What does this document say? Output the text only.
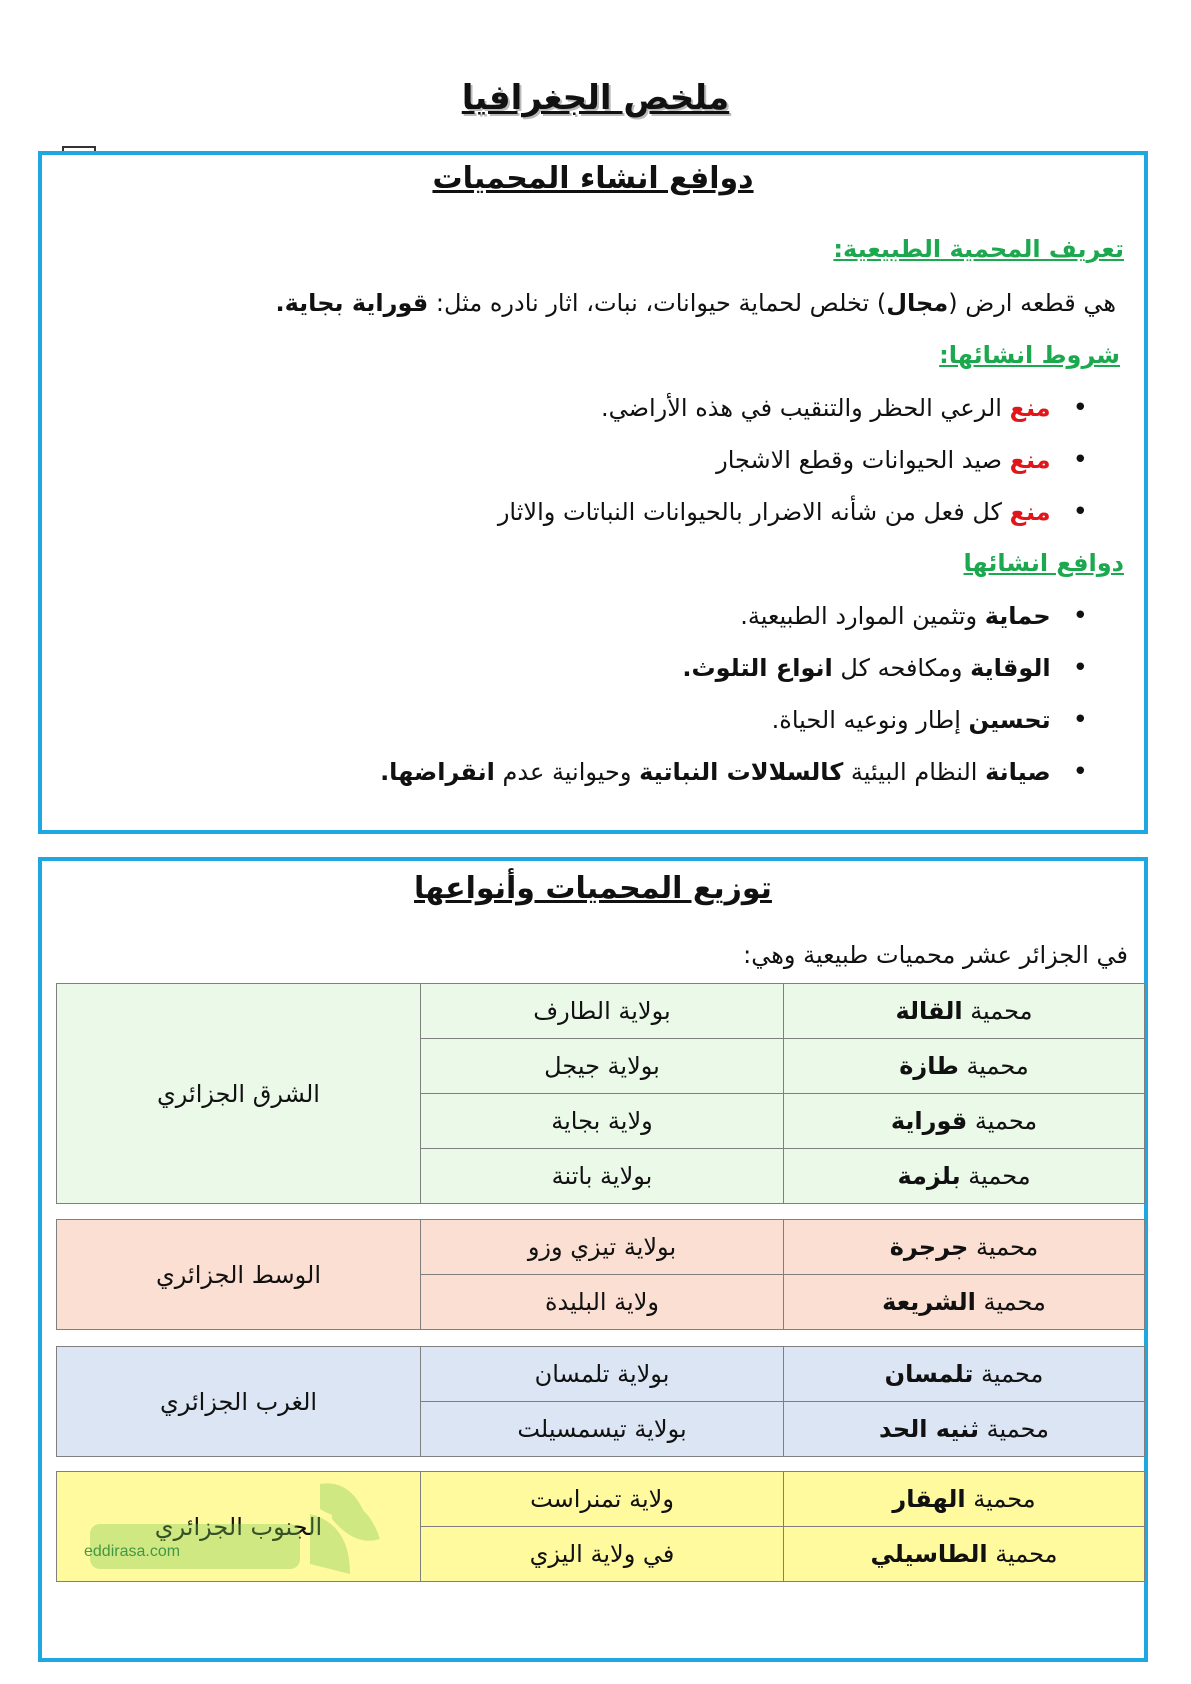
ملخص الجغرافيا
دوافع انشاء المحميات
تعريف المحمية الطبيعية:
هي قطعه ارض (مجال) تخلص لحماية حيوانات، نبات، اثار نادره مثل: قوراية بجاية.
شروط انشائها:
• منع الرعي الحظر والتنقيب في هذه الأراضي.
• منع صيد الحيوانات وقطع الاشجار
• منع كل فعل من شأنه الاضرار بالحيوانات النباتات والاثار
دوافع انشائها
• حماية وتثمين الموارد الطبيعية.
• الوقاية ومكافحه كل انواع التلوث.
• تحسين إطار ونوعيه الحياة.
• صيانة النظام البيئية كالسلالات النباتية وحيوانية عدم انقراضها.
توزيع المحميات وأنواعها
في الجزائر عشر محميات طبيعية وهي:
محمية القالة	بولاية الطارف	الشرق الجزائري
محمية طازة	بولاية جيجل	
محمية قوراية	ولاية بجاية	
محمية بلزمة	بولاية باتنة	
محمية جرجرة	بولاية تيزي وزو	الوسط الجزائري
محمية الشريعة	ولاية البليدة	
محمية تلمسان	بولاية تلمسان	الغرب الجزائري
محمية ثنيه الحد	بولاية تيسمسيلت	
محمية الهقار	ولاية تمنراست	الجنوب الجزائري
محمية الطاسيلي	في ولاية اليزي	
eddirasa.com
